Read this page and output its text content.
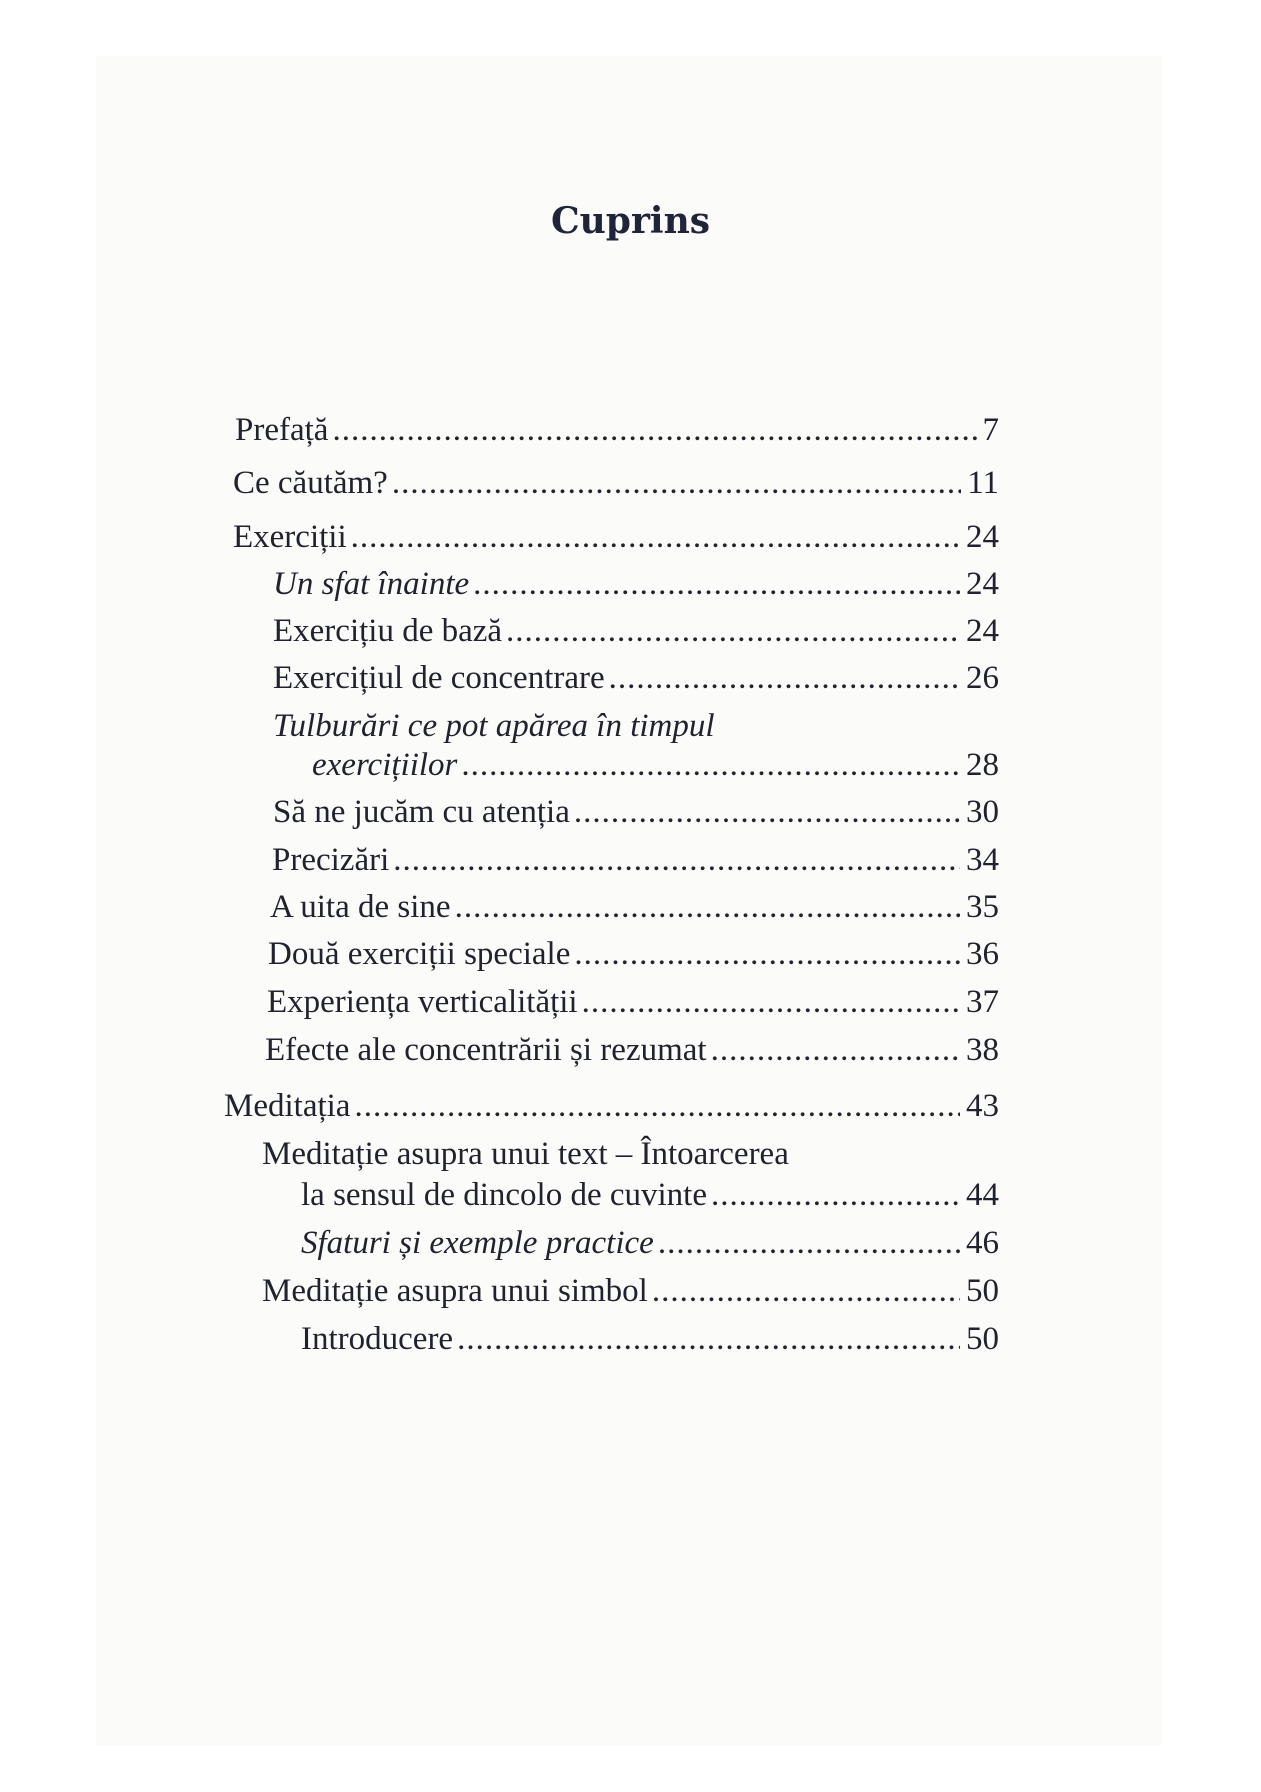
Cuprins
Prefață .....	7
Ce căutăm? .....	11
Exerciții .....	24
Un sfat înainte .....	24
Exercițiu de bază .....	24
Exercițiul de concentrare .....	26
Tulburări ce pot apărea în timpul
exercițiilor .....	28
Să ne jucăm cu atenția .....	30
Precizări .....	34
A uita de sine .....	35
Două exerciții speciale .....	36
Experiența verticalității .....	37
Efecte ale concentrării și rezumat .....	38
Meditația .....	43
Meditație asupra unui text – Întoarcerea
la sensul de dincolo de cuvinte .....	44
Sfaturi și exemple practice .....	46
Meditație asupra unui simbol .....	50
Introducere .....	50
